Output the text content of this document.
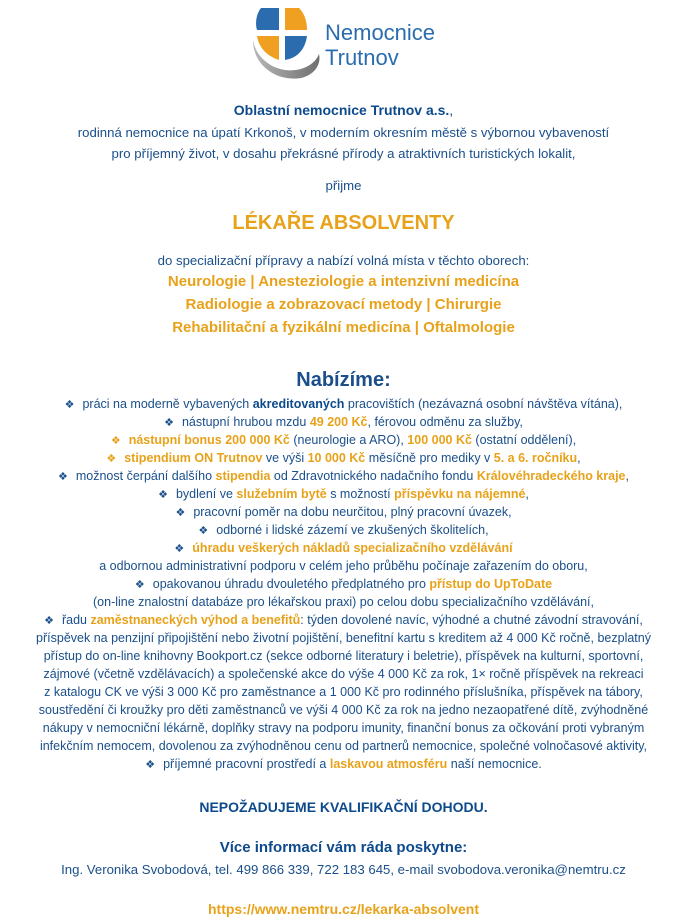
Nemocnice
Trutnov
Oblastní nemocnice Trutnov a.s.,
rodinná nemocnice na úpatí Krkonoš, v moderním okresním městě s výbornou vybaveností
pro příjemný život, v dosahu překrásné přírody a atraktivních turistických lokalit,
přijme
LÉKAŘE ABSOLVENTY
do specializační přípravy a nabízí volná místa v těchto oborech:
Neurologie | Anesteziologie a intenzivní medicína
Radiologie a zobrazovací metody | Chirurgie
Rehabilitační a fyzikální medicína | Oftalmologie
Nabízíme:
❖ práci na moderně vybavených akreditovaných pracovištích (nezávazná osobní návštěva vítána),
❖ nástupní hrubou mzdu 49 200 Kč, férovou odměnu za služby,
❖ nástupní bonus 200 000 Kč (neurologie a ARO), 100 000 Kč (ostatní oddělení),
❖ stipendium ON Trutnov ve výši 10 000 Kč měsíčně pro mediky v 5. a 6. ročníku,
❖ možnost čerpání dalšího stipendia od Zdravotnického nadačního fondu Královéhradeckého kraje,
❖ bydlení ve služebním bytě s možností příspěvku na nájemné,
❖ pracovní poměr na dobu neurčitou, plný pracovní úvazek,
❖ odborné i lidské zázemí ve zkušených školitelích,
❖ úhradu veškerých nákladů specializačního vzdělávání
a odbornou administrativní podporu v celém jeho průběhu počínaje zařazením do oboru,
❖ opakovanou úhradu dvouletého předplatného pro přístup do UpToDate
(on-line znalostní databáze pro lékařskou praxi) po celou dobu specializačního vzdělávání,
❖ řadu zaměstnaneckých výhod a benefitů: týden dovolené navíc, výhodné a chutné závodní stravování,
příspěvek na penzijní připojištění nebo životní pojištění, benefitní kartu s kreditem až 4 000 Kč ročně, bezplatný
přístup do on-line knihovny Bookport.cz (sekce odborné literatury i beletrie), příspěvek na kulturní, sportovní,
zájmové (včetně vzdělávacích) a společenské akce do výše 4 000 Kč za rok, 1× ročně příspěvek na rekreaci
z katalogu CK ve výši 3 000 Kč pro zaměstnance a 1 000 Kč pro rodinného příslušníka, příspěvek na tábory,
soustředění či kroužky pro děti zaměstnanců ve výši 4 000 Kč za rok na jedno nezaopatřené dítě, zvýhodněné
nákupy v nemocniční lékárně, doplňky stravy na podporu imunity, finanční bonus za očkování proti vybraným
infekčním nemocem, dovolenou za zvýhodněnou cenu od partnerů nemocnice, společné volnočasové aktivity,
❖ příjemné pracovní prostředí a laskavou atmosféru naší nemocnice.
NEPOŽADUJEME KVALIFIKAČNÍ DOHODU.
Více informací vám ráda poskytne:
Ing. Veronika Svobodová, tel. 499 866 339, 722 183 645, e-mail svobodova.veronika@nemtru.cz
https://www.nemtru.cz/lekarka-absolvent
